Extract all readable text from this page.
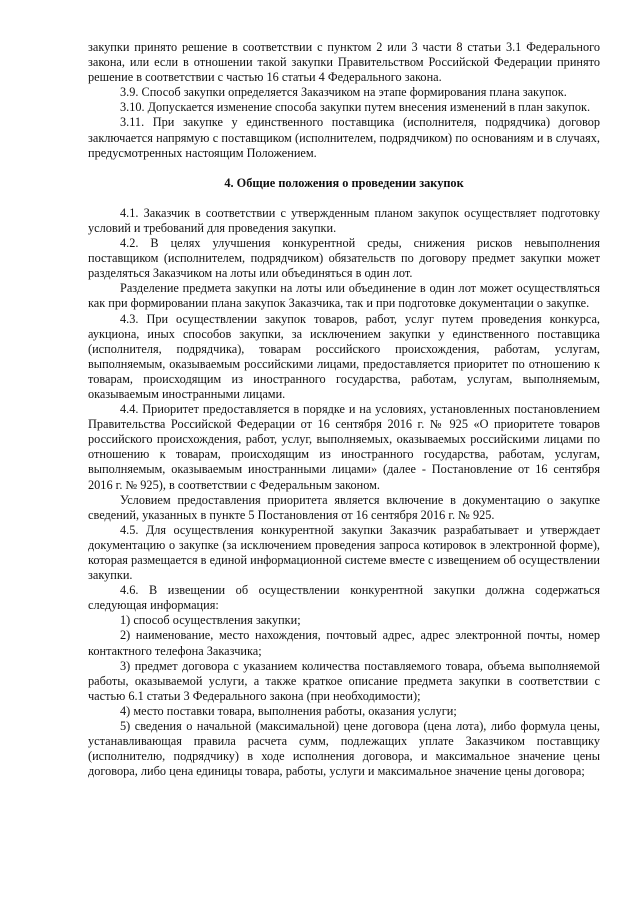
закупки принято решение в соответствии с пунктом 2 или 3 части 8 статьи 3.1 Федерального закона, или если в отношении такой закупки Правительством Российской Федерации принято решение в соответствии с частью 16 статьи 4 Федерального закона.

3.9. Способ закупки определяется Заказчиком на этапе формирования плана закупок.

3.10. Допускается изменение способа закупки путем внесения изменений в план закупок.

3.11. При закупке у единственного поставщика (исполнителя, подрядчика) договор заключается напрямую с поставщиком (исполнителем, подрядчиком) по основаниям и в случаях, предусмотренных настоящим Положением.

4. Общие положения о проведении закупок

4.1. Заказчик в соответствии с утвержденным планом закупок осуществляет подготовку условий и требований для проведения закупки.

4.2. В целях улучшения конкурентной среды, снижения рисков невыполнения поставщиком (исполнителем, подрядчиком) обязательств по договору предмет закупки может разделяться Заказчиком на лоты или объединяться в один лот.

Разделение предмета закупки на лоты или объединение в один лот может осуществляться как при формировании плана закупок Заказчика, так и при подготовке документации о закупке.

4.3. При осуществлении закупок товаров, работ, услуг путем проведения конкурса, аукциона, иных способов закупки, за исключением закупки у единственного поставщика (исполнителя, подрядчика), товарам российского происхождения, работам, услугам, выполняемым, оказываемым российскими лицами, предоставляется приоритет по отношению к товарам, происходящим из иностранного государства, работам, услугам, выполняемым, оказываемым иностранными лицами.

4.4. Приоритет предоставляется в порядке и на условиях, установленных постановлением Правительства Российской Федерации от 16 сентября 2016 г. № 925 «О приоритете товаров российского происхождения, работ, услуг, выполняемых, оказываемых российскими лицами по отношению к товарам, происходящим из иностранного государства, работам, услугам, выполняемым, оказываемым иностранными лицами» (далее - Постановление от 16 сентября 2016 г. № 925), в соответствии с Федеральным законом.

Условием предоставления приоритета является включение в документацию о закупке сведений, указанных в пункте 5 Постановления от 16 сентября 2016 г. № 925.

4.5. Для осуществления конкурентной закупки Заказчик разрабатывает и утверждает документацию о закупке (за исключением проведения запроса котировок в электронной форме), которая размещается в единой информационной системе вместе с извещением об осуществлении закупки.

4.6. В извещении об осуществлении конкурентной закупки должна содержаться следующая информация:

1) способ осуществления закупки;

2) наименование, место нахождения, почтовый адрес, адрес электронной почты, номер контактного телефона Заказчика;

3) предмет договора с указанием количества поставляемого товара, объема выполняемой работы, оказываемой услуги, а также краткое описание предмета закупки в соответствии с частью 6.1 статьи 3 Федерального закона (при необходимости);

4) место поставки товара, выполнения работы, оказания услуги;

5) сведения о начальной (максимальной) цене договора (цена лота), либо формула цены, устанавливающая правила расчета сумм, подлежащих уплате Заказчиком поставщику (исполнителю, подрядчику) в ходе исполнения договора, и максимальное значение цены договора, либо цена единицы товара, работы, услуги и максимальное значение цены договора;
